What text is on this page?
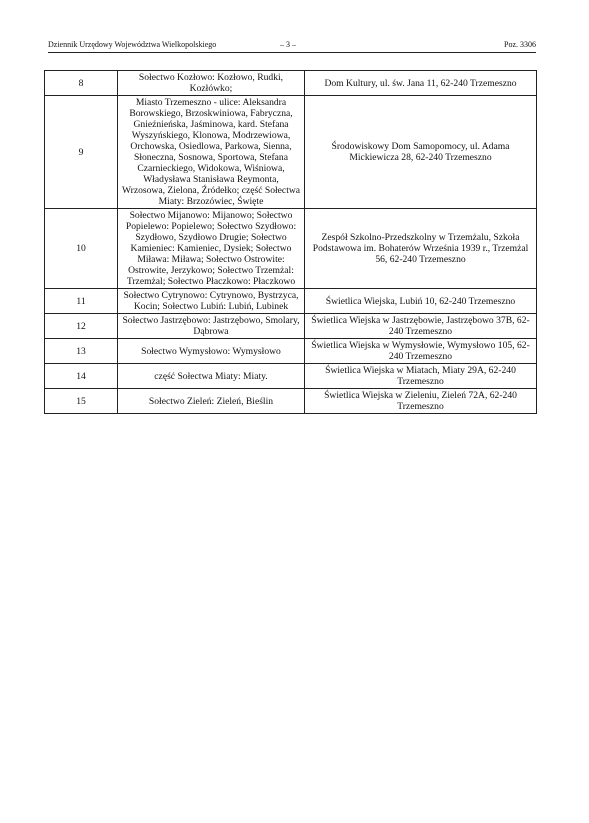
Dziennik Urzędowy Województwa Wielkopolskiego	– 3 –	Poz. 3306
8	Sołectwo Kozłowo: Kozłowo, Rudki, Kozłówko;	Dom Kultury, ul. św. Jana 11, 62-240 Trzemeszno
9	Miasto Trzemeszno - ulice: Aleksandra Borowskiego, Brzoskwiniowa, Fabryczna, Gnieźnieńska, Jaśminowa, kard. Stefana Wyszyńskiego, Klonowa, Modrzewiowa, Orchowska, Osiedlowa, Parkowa, Sienna, Słoneczna, Sosnowa, Sportowa, Stefana Czarnieckiego, Widokowa, Wiśniowa, Władysława Stanisława Reymonta, Wrzosowa, Zielona, Źródełko; część Sołectwa Miaty: Brzozówiec, Święte	Środowiskowy Dom Samopomocy, ul. Adama Mickiewicza 28, 62-240 Trzemeszno
10	Sołectwo Mijanowo: Mijanowo; Sołectwo Popielewo: Popielewo; Sołectwo Szydłowo: Szydłowo, Szydłowo Drugie; Sołectwo Kamieniec: Kamieniec, Dysiek; Sołectwo Miława: Miława; Sołectwo Ostrowite: Ostrowite, Jerzykowo; Sołectwo Trzemżal: Trzemżal; Sołectwo Płaczkowo: Płaczkowo	Zespół Szkolno-Przedszkolny w Trzemżalu, Szkoła Podstawowa im. Bohaterów Września 1939 r., Trzemżal 56, 62-240 Trzemeszno
11	Sołectwo Cytrynowo: Cytrynowo, Bystrzyca, Kocin; Sołectwo Lubiń: Lubiń, Lubinek	Świetlica Wiejska, Lubiń 10, 62-240 Trzemeszno
12	Sołectwo Jastrzębowo: Jastrzębowo, Smolary, Dąbrowa	Świetlica Wiejska w Jastrzębowie, Jastrzębowo 37B, 62-240 Trzemeszno
13	Sołectwo Wymysłowo: Wymysłowo	Świetlica Wiejska w Wymysłowie, Wymysłowo 105, 62-240 Trzemeszno
14	część Sołectwa Miaty: Miaty.	Świetlica Wiejska w Miatach, Miaty 29A, 62-240 Trzemeszno
15	Sołectwo Zieleń: Zieleń, Bieślin	Świetlica Wiejska w Zieleniu, Zieleń 72A, 62-240 Trzemeszno
